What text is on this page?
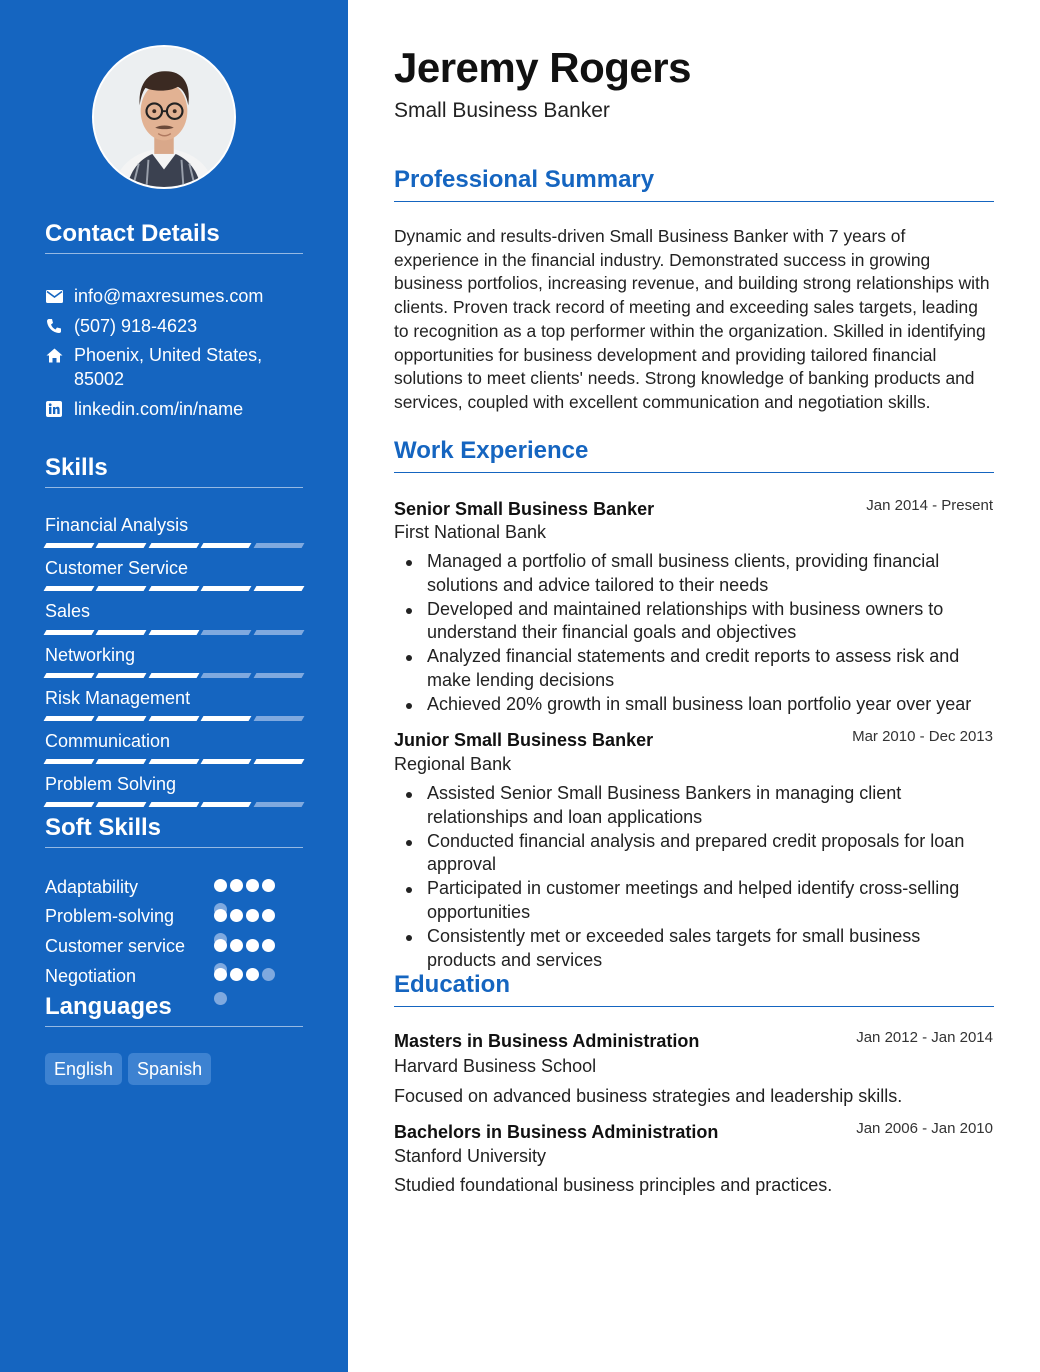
Contact Details
info@maxresumes.com
(507) 918-4623
Phoenix, United States, 85002
linkedin.com/in/name
Skills
Financial Analysis
Customer Service
Sales
Networking
Risk Management
Communication
Problem Solving
Soft Skills
Adaptability
Problem-solving
Customer service
Negotiation
Languages
English	Spanish
Jeremy Rogers
Small Business Banker
Professional Summary

Dynamic and results-driven Small Business Banker with 7 years of experience in the financial industry. Demonstrated success in growing business portfolios, increasing revenue, and building strong relationships with clients. Proven track record of meeting and exceeding sales targets, leading to recognition as a top performer within the organization. Skilled in identifying opportunities for business development and providing tailored financial solutions to meet clients' needs. Strong knowledge of banking products and services, coupled with excellent communication and negotiation skills.

Work Experience
Senior Small Business Banker	Jan 2014 - Present
First National Bank
Managed a portfolio of small business clients, providing financial solutions and advice tailored to their needs
Developed and maintained relationships with business owners to understand their financial goals and objectives
Analyzed financial statements and credit reports to assess risk and make lending decisions
Achieved 20% growth in small business loan portfolio year over year
Junior Small Business Banker	Mar 2010 - Dec 2013
Regional Bank
Assisted Senior Small Business Bankers in managing client relationships and loan applications
Conducted financial analysis and prepared credit proposals for loan approval
Participated in customer meetings and helped identify cross-selling opportunities
Consistently met or exceeded sales targets for small business products and services
Education
Masters in Business Administration	Jan 2012 - Jan 2014
Harvard Business School
Focused on advanced business strategies and leadership skills.
Bachelors in Business Administration	Jan 2006 - Jan 2010
Stanford University
Studied foundational business principles and practices.
